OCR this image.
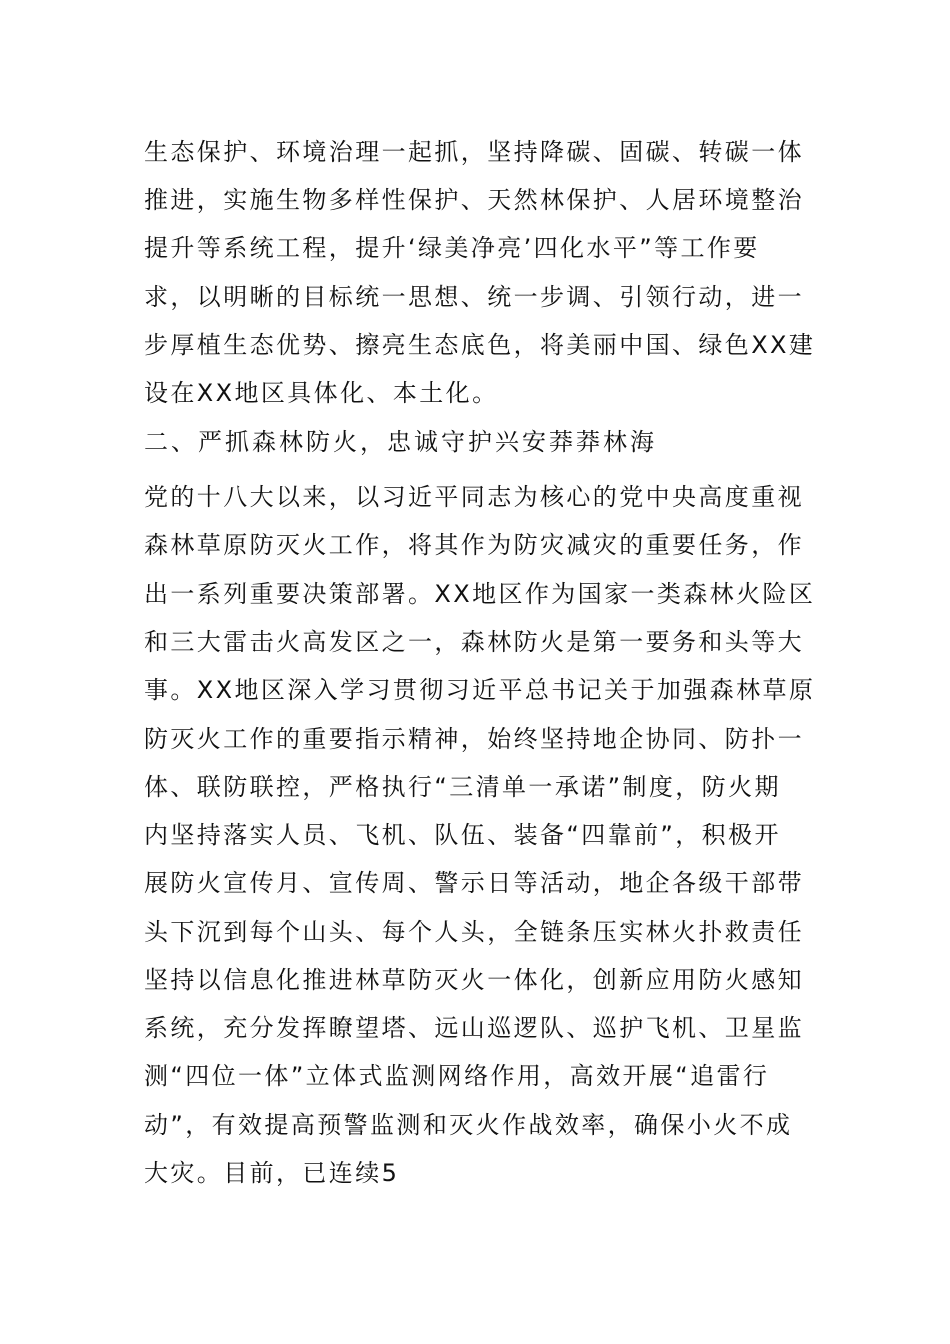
生态保护、环境治理一起抓，坚持降碳、固碳、转碳一体
推进，实施生物多样性保护、天然林保护、人居环境整治
提升等系统工程，提升‘绿美净亮’四化水平”等工作要
求，以明晰的目标统一思想、统一步调、引领行动，进一
步厚植生态优势、擦亮生态底色，将美丽中国、绿色XX建
设在XX地区具体化、本土化。
二、严抓森林防火，忠诚守护兴安莽莽林海
党的十八大以来，以习近平同志为核心的党中央高度重视
森林草原防灭火工作，将其作为防灾减灾的重要任务，作
出一系列重要决策部署。XX地区作为国家一类森林火险区
和三大雷击火高发区之一，森林防火是第一要务和头等大
事。XX地区深入学习贯彻习近平总书记关于加强森林草原
防灭火工作的重要指示精神，始终坚持地企协同、防扑一
体、联防联控，严格执行“三清单一承诺”制度，防火期
内坚持落实人员、飞机、队伍、装备“四靠前”，积极开
展防火宣传月、宣传周、警示日等活动，地企各级干部带
头下沉到每个山头、每个人头，全链条压实林火扑救责任
坚持以信息化推进林草防灭火一体化，创新应用防火感知
系统，充分发挥瞭望塔、远山巡逻队、巡护飞机、卫星监
测“四位一体”立体式监测网络作用，高效开展“追雷行
动”，有效提高预警监测和灭火作战效率，确保小火不成
大灾。目前，已连续5
